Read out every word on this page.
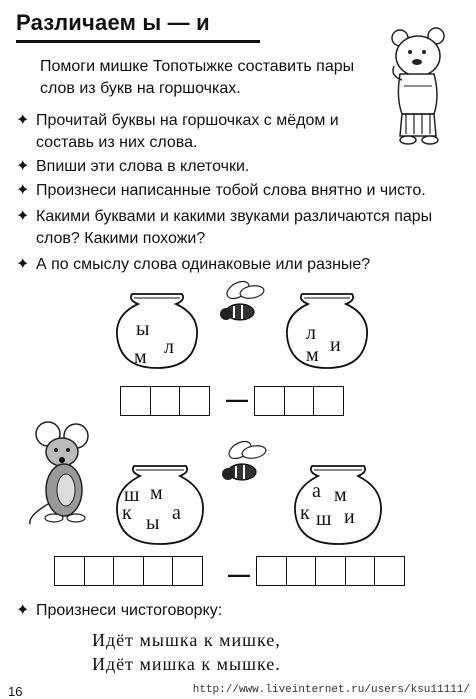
Различаем ы — и
Помоги мишке Топотыжке составить пары слов из букв на горшочках.
✦ Прочитай буквы на горшочках с мёдом и составь из них слова.
✦ Впиши эти слова в клеточки.
✦ Произнеси написанные тобой слова внятно и чисто.
✦ Какими буквами и какими звуками различаются пары слов? Какими похожи?
✦ А по смыслу слова одинаковые или разные?
ы
л
м
л
и
м
—
ш м
к ы а
а м
к ш и
—
✦ Произнеси чистоговорку:
Идёт мышка к мишке,
Идёт мишка к мышке.
16	http://www.liveinternet.ru/users/ksu11111/
